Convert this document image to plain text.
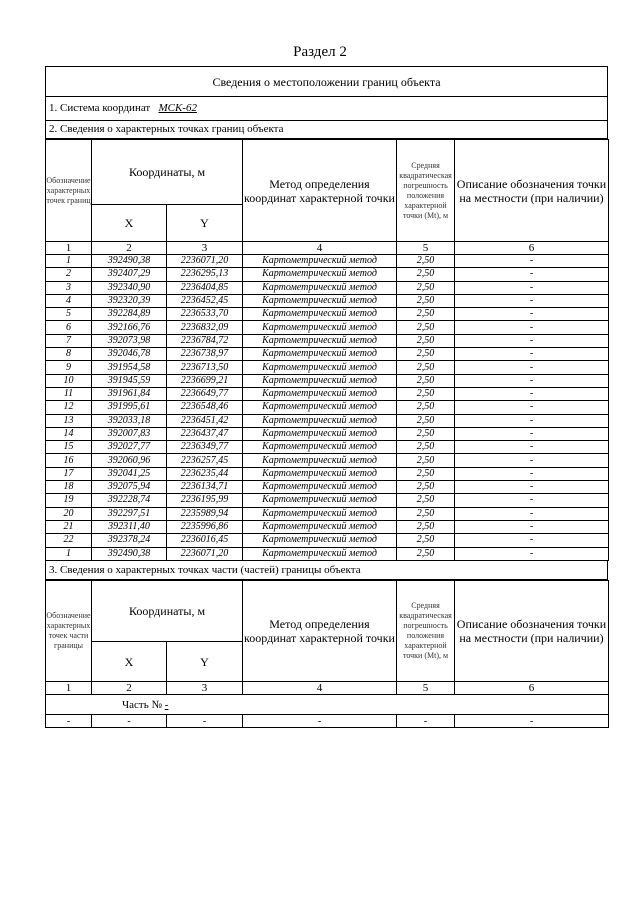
Раздел 2
Сведения о местоположении границ объекта
1. Система координат МСК-62
2. Сведения о характерных точках границ объекта
Обозначение характерных точек границ	Координаты, м		Метод определения координат характерной точки	Средняя квадратическая погрешность положения характерной точки (Mt), м	Описание обозначения точки на местности (при наличии)
	X	Y			
1	2	3	4	5	6
1	392490,38	2236071,20	Картометрический метод	2,50	-
2	392407,29	2236295,13	Картометрический метод	2,50	-
3	392340,90	2236404,85	Картометрический метод	2,50	-
4	392320,39	2236452,45	Картометрический метод	2,50	-
5	392284,89	2236533,70	Картометрический метод	2,50	-
6	392166,76	2236832,09	Картометрический метод	2,50	-
7	392073,98	2236784,72	Картометрический метод	2,50	-
8	392046,78	2236738,97	Картометрический метод	2,50	-
9	391954,58	2236713,50	Картометрический метод	2,50	-
10	391945,59	2236699,21	Картометрический метод	2,50	-
11	391961,84	2236649,77	Картометрический метод	2,50	-
12	391995,61	2236548,46	Картометрический метод	2,50	-
13	392033,18	2236451,42	Картометрический метод	2,50	-
14	392007,83	2236437,47	Картометрический метод	2,50	-
15	392027,77	2236349,77	Картометрический метод	2,50	-
16	392060,96	2236257,45	Картометрический метод	2,50	-
17	392041,25	2236235,44	Картометрический метод	2,50	-
18	392075,94	2236134,71	Картометрический метод	2,50	-
19	392228,74	2236195,99	Картометрический метод	2,50	-
20	392297,51	2235989,94	Картометрический метод	2,50	-
21	392311,40	2235996,86	Картометрический метод	2,50	-
22	392378,24	2236016,45	Картометрический метод	2,50	-
1	392490,38	2236071,20	Картометрический метод	2,50	-
3. Сведения о характерных точках части (частей) границы объекта
Обозначение характерных точек части границы	Координаты, м		Метод определения координат характерной точки	Средняя квадратическая погрешность положения характерной точки (Mt), м	Описание обозначения точки на местности (при наличии)
	X	Y			
1	2	3	4	5	6
Часть № -					
-	-	-	-	-	-
